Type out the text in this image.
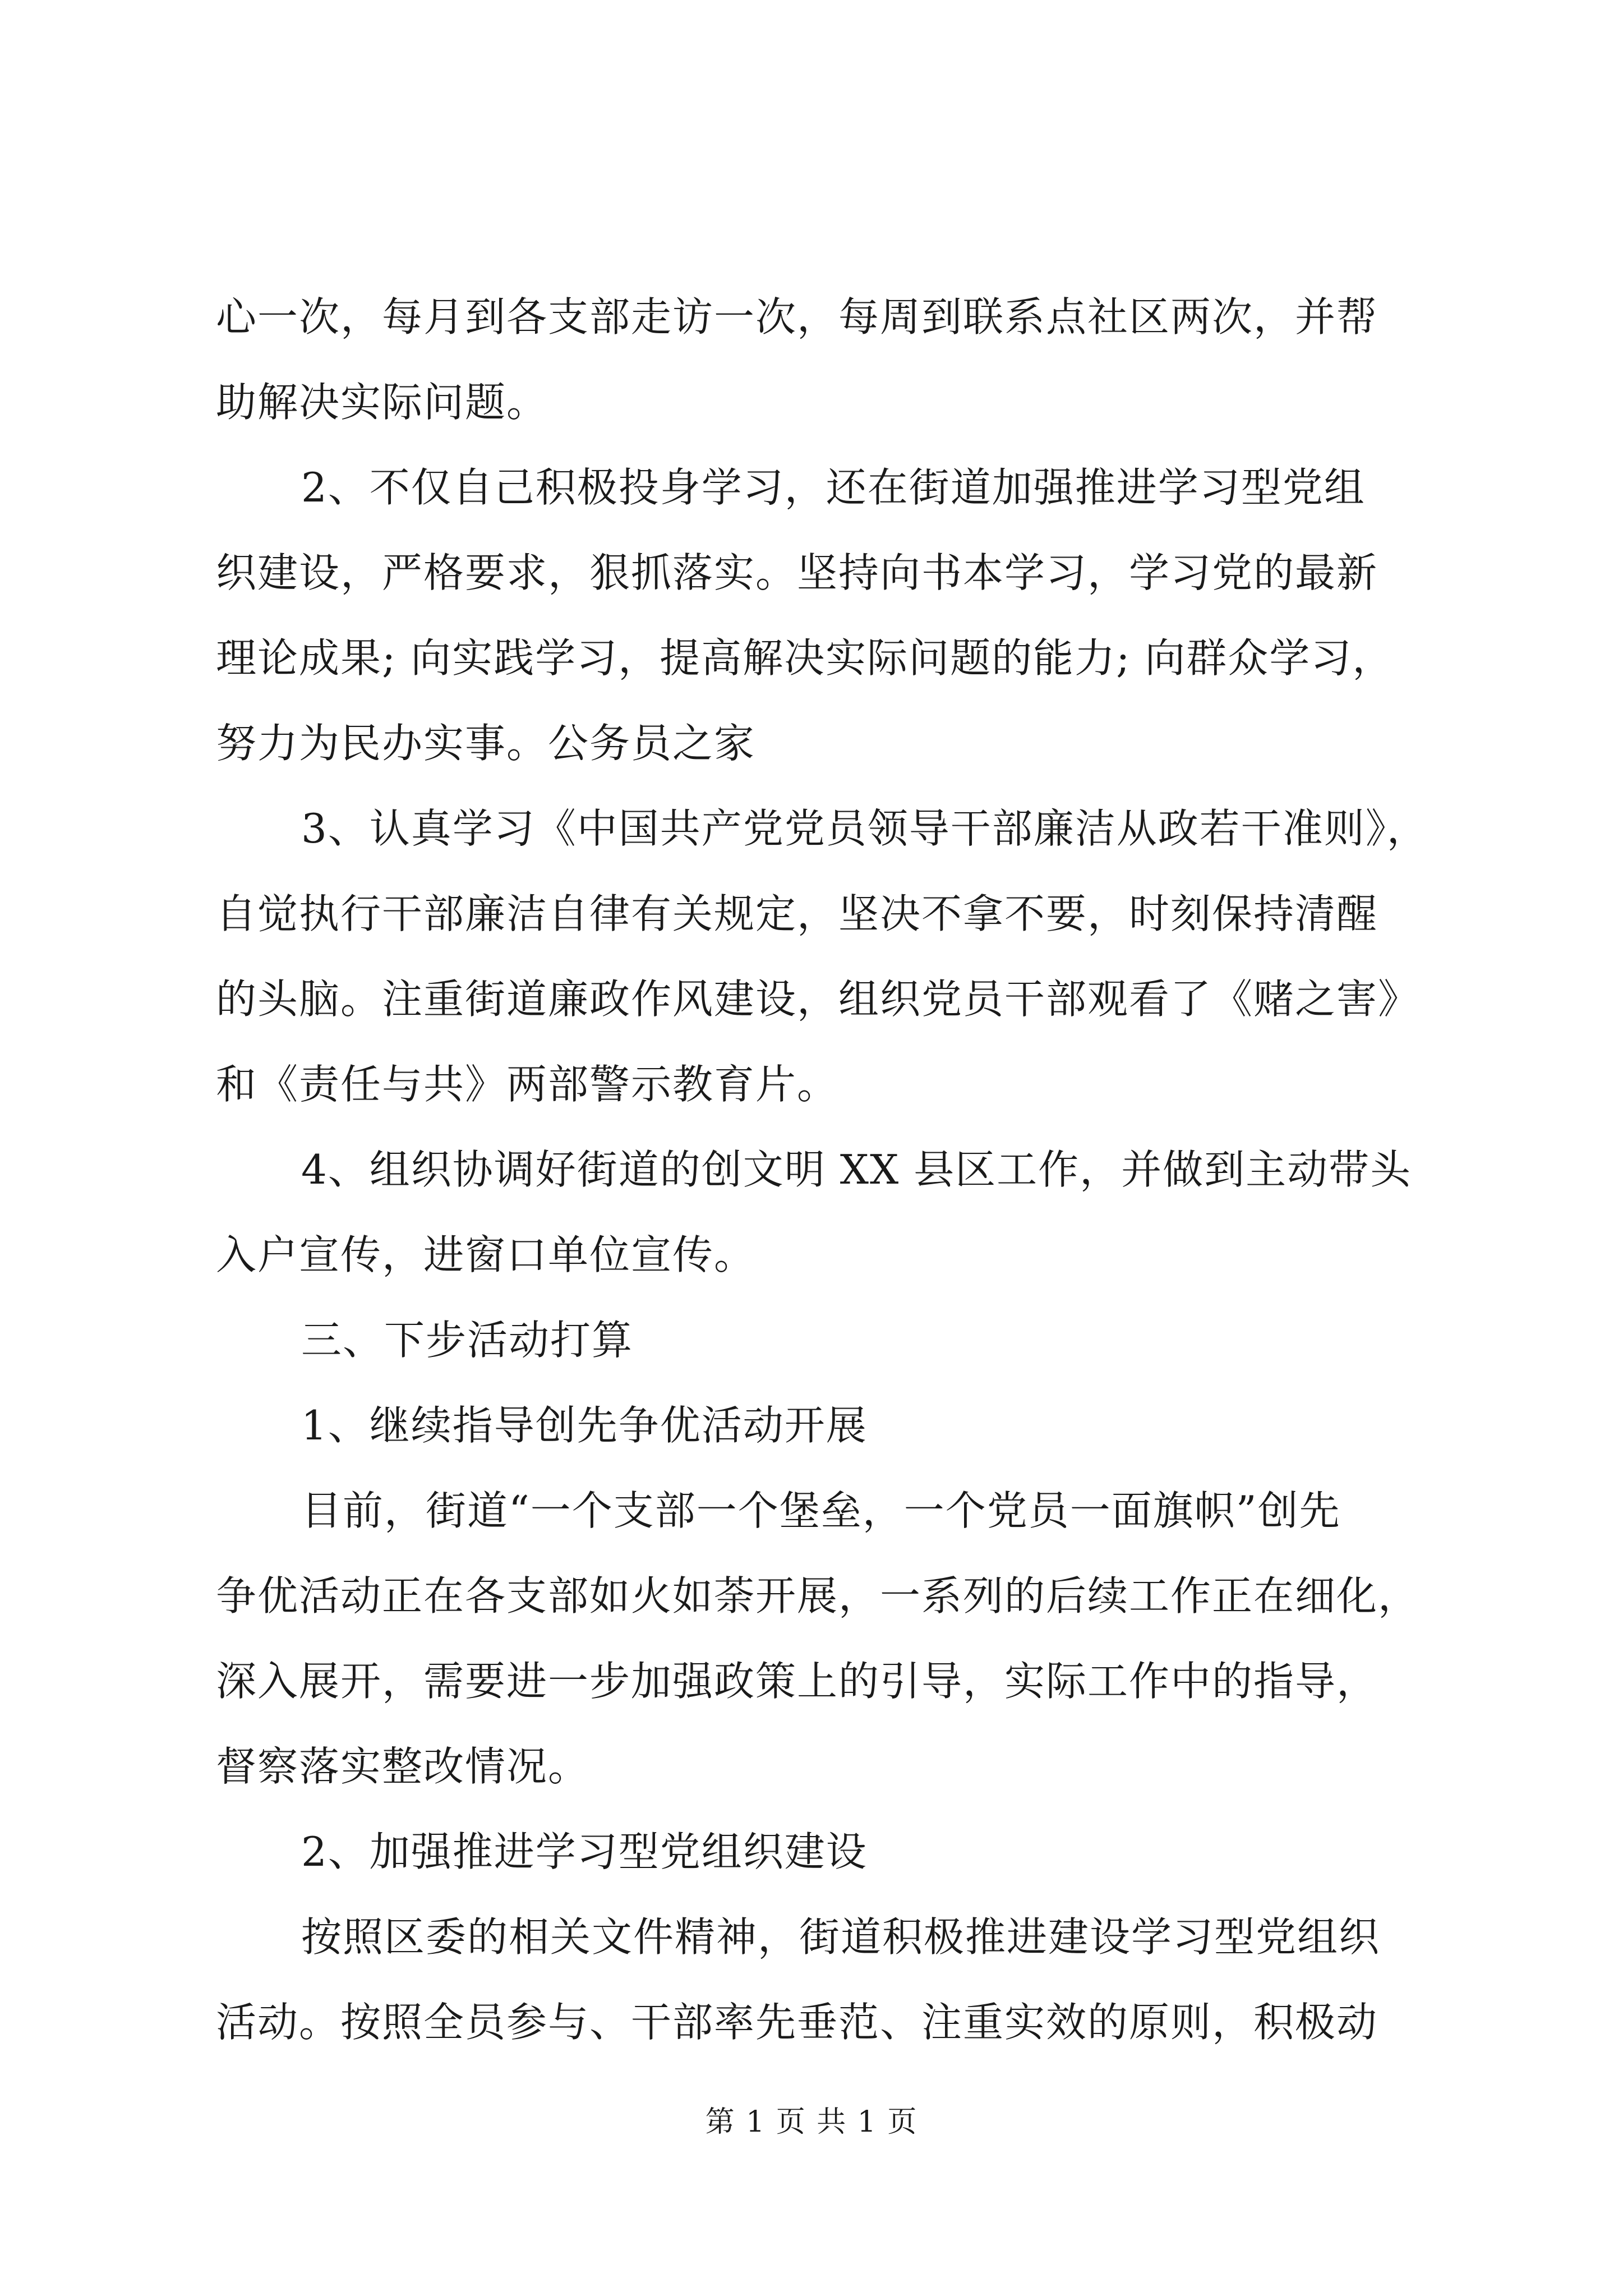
心一次，每月到各支部走访一次，每周到联系点社区两次，并帮
助解决实际问题。
2、不仅自己积极投身学习，还在街道加强推进学习型党组
织建设，严格要求，狠抓落实。坚持向书本学习，学习党的最新
理论成果; 向实践学习，提高解决实际问题的能力; 向群众学习，
努力为民办实事。公务员之家
3、认真学习《中国共产党党员领导干部廉洁从政若干准则》，
自觉执行干部廉洁自律有关规定，坚决不拿不要，时刻保持清醒
的头脑。注重街道廉政作风建设，组织党员干部观看了《赌之害》
和《责任与共》两部警示教育片。
4、组织协调好街道的创文明 XX 县区工作，并做到主动带头
入户宣传，进窗口单位宣传。
三、下步活动打算
1、继续指导创先争优活动开展
目前，街道“一个支部一个堡垒，一个党员一面旗帜”创先
争优活动正在各支部如火如荼开展，一系列的后续工作正在细化，
深入展开，需要进一步加强政策上的引导，实际工作中的指导，
督察落实整改情况。
2、加强推进学习型党组织建设
按照区委的相关文件精神，街道积极推进建设学习型党组织
活动。按照全员参与、干部率先垂范、注重实效的原则，积极动
第 1 页 共 1 页
